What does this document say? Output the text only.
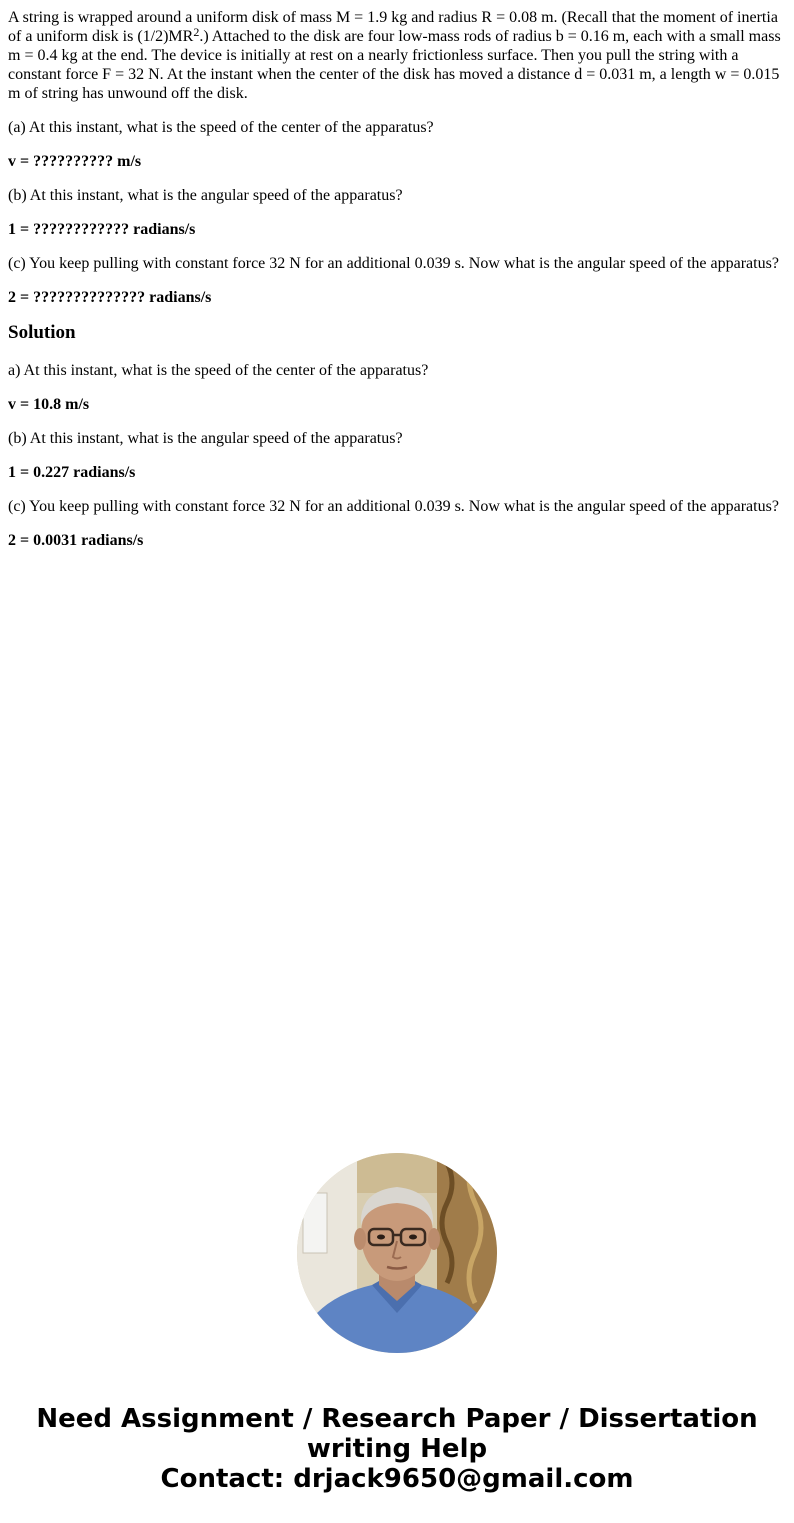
A string is wrapped around a uniform disk of mass M = 1.9 kg and radius R = 0.08 m. (Recall that the moment of inertia of a uniform disk is $(1/2)MR^2$.) Attached to the disk are four low-mass rods of radius b = 0.16 m, each with a small mass m = 0.4 kg at the end. The device is initially at rest on a nearly frictionless surface. Then you pull the string with a constant force F = 32 N. At the instant when the center of the disk has moved a distance d = 0.031 m, a length w = 0.015 m of string has unwound off the disk.

(a) At this instant, what is the speed of the center of the apparatus?

v = ?????????? m/s

(b) At this instant, what is the angular speed of the apparatus?

1 = ???????????? radians/s

(c) You keep pulling with constant force 32 N for an additional 0.039 s. Now what is the angular speed of the apparatus?

2 = ?????????????? radians/s

Solution

a) At this instant, what is the speed of the center of the apparatus?

v = 10.8 m/s

(b) At this instant, what is the angular speed of the apparatus?

1 = 0.227 radians/s

(c) You keep pulling with constant force 32 N for an additional 0.039 s. Now what is the angular speed of the apparatus?

2 = 0.0031 radians/s

Need Assignment / Research Paper / Dissertation
writing Help
Contact: drjack9650@gmail.com
